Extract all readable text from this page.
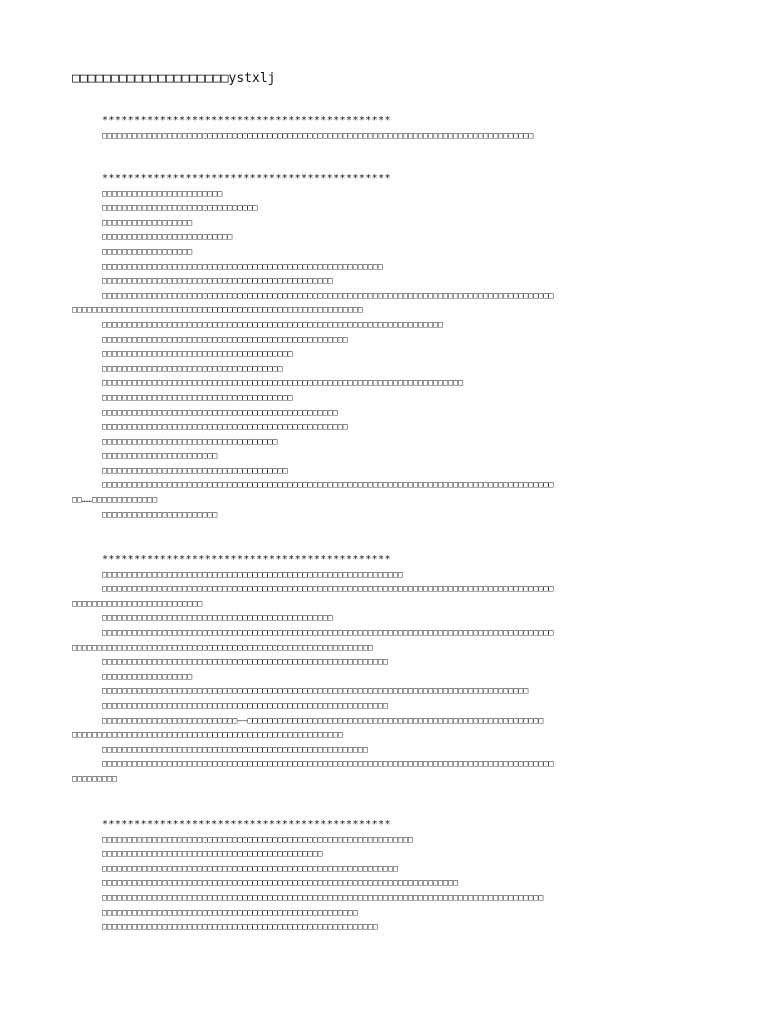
□□□□□□□□□□□□□□□□□□□□ystxlj
*********************************************
□□□□□□□□□□□□□□□□□□□□□□□□□□□□□□□□□□□□□□□□□□□□□□□□□□□□□□□□□□□□□□□□□□□□□□□□□□□□□□□□□□□□□□
*********************************************
□□□□□□□□□□□□□□□□□□□□□□□□
□□□□□□□□□□□□□□□□□□□□□□□□□□□□□□□
□□□□□□□□□□□□□□□□□□
□□□□□□□□□□□□□□□□□□□□□□□□□□
□□□□□□□□□□□□□□□□□□
□□□□□□□□□□□□□□□□□□□□□□□□□□□□□□□□□□□□□□□□□□□□□□□□□□□□□□□□
□□□□□□□□□□□□□□□□□□□□□□□□□□□□□□□□□□□□□□□□□□□□□□
□□□□□□□□□□□□□□□□□□□□□□□□□□□□□□□□□□□□□□□□□□□□□□□□□□□□□□□□□□□□□□□□□□□□□□□□□□□□□□□□□□□□□□□□□□
□□□□□□□□□□□□□□□□□□□□□□□□□□□□□□□□□□□□□□□□□□□□□□□□□□□□□□□□□□
□□□□□□□□□□□□□□□□□□□□□□□□□□□□□□□□□□□□□□□□□□□□□□□□□□□□□□□□□□□□□□□□□□□□
□□□□□□□□□□□□□□□□□□□□□□□□□□□□□□□□□□□□□□□□□□□□□□□□□
□□□□□□□□□□□□□□□□□□□□□□□□□□□□□□□□□□□□□□
□□□□□□□□□□□□□□□□□□□□□□□□□□□□□□□□□□□□
□□□□□□□□□□□□□□□□□□□□□□□□□□□□□□□□□□□□□□□□□□□□□□□□□□□□□□□□□□□□□□□□□□□□□□□□
□□□□□□□□□□□□□□□□□□□□□□□□□□□□□□□□□□□□□□
□□□□□□□□□□□□□□□□□□□□□□□□□□□□□□□□□□□□□□□□□□□□□□□
□□□□□□□□□□□□□□□□□□□□□□□□□□□□□□□□□□□□□□□□□□□□□□□□□
□□□□□□□□□□□□□□□□□□□□□□□□□□□□□□□□□□□
□□□□□□□□□□□□□□□□□□□□□□□
□□□□□□□□□□□□□□□□□□□□□□□□□□□□□□□□□□□□□
□□□□□□□□□□□□□□□□□□□□□□□□□□□□□□□□□□□□□□□□□□□□□□□□□□□□□□□□□□□□□□□□□□□□□□□□□□□□□□□□□□□□□□□□□□
□□……□□□□□□□□□□□□□
□□□□□□□□□□□□□□□□□□□□□□□
*********************************************
□□□□□□□□□□□□□□□□□□□□□□□□□□□□□□□□□□□□□□□□□□□□□□□□□□□□□□□□□□□□
□□□□□□□□□□□□□□□□□□□□□□□□□□□□□□□□□□□□□□□□□□□□□□□□□□□□□□□□□□□□□□□□□□□□□□□□□□□□□□□□□□□□□□□□□□
□□□□□□□□□□□□□□□□□□□□□□□□□□
□□□□□□□□□□□□□□□□□□□□□□□□□□□□□□□□□□□□□□□□□□□□□□
□□□□□□□□□□□□□□□□□□□□□□□□□□□□□□□□□□□□□□□□□□□□□□□□□□□□□□□□□□□□□□□□□□□□□□□□□□□□□□□□□□□□□□□□□□
□□□□□□□□□□□□□□□□□□□□□□□□□□□□□□□□□□□□□□□□□□□□□□□□□□□□□□□□□□□□
□□□□□□□□□□□□□□□□□□□□□□□□□□□□□□□□□□□□□□□□□□□□□□□□□□□□□□□□□
□□□□□□□□□□□□□□□□□□
□□□□□□□□□□□□□□□□□□□□□□□□□□□□□□□□□□□□□□□□□□□□□□□□□□□□□□□□□□□□□□□□□□□□□□□□□□□□□□□□□□□□□
□□□□□□□□□□□□□□□□□□□□□□□□□□□□□□□□□□□□□□□□□□□□□□□□□□□□□□□□□
□□□□□□□□□□□□□□□□□□□□□□□□□□□——□□□□□□□□□□□□□□□□□□□□□□□□□□□□□□□□□□□□□□□□□□□□□□□□□□□□□□□□□□□
□□□□□□□□□□□□□□□□□□□□□□□□□□□□□□□□□□□□□□□□□□□□□□□□□□□□□□
□□□□□□□□□□□□□□□□□□□□□□□□□□□□□□□□□□□□□□□□□□□□□□□□□□□□□
□□□□□□□□□□□□□□□□□□□□□□□□□□□□□□□□□□□□□□□□□□□□□□□□□□□□□□□□□□□□□□□□□□□□□□□□□□□□□□□□□□□□□□□□□□
□□□□□□□□□
*********************************************
□□□□□□□□□□□□□□□□□□□□□□□□□□□□□□□□□□□□□□□□□□□□□□□□□□□□□□□□□□□□□□
□□□□□□□□□□□□□□□□□□□□□□□□□□□□□□□□□□□□□□□□□□□□
□□□□□□□□□□□□□□□□□□□□□□□□□□□□□□□□□□□□□□□□□□□□□□□□□□□□□□□□□□□
□□□□□□□□□□□□□□□□□□□□□□□□□□□□□□□□□□□□□□□□□□□□□□□□□□□□□□□□□□□□□□□□□□□□□□□
□□□□□□□□□□□□□□□□□□□□□□□□□□□□□□□□□□□□□□□□□□□□□□□□□□□□□□□□□□□□□□□□□□□□□□□□□□□□□□□□□□□□□□□□
□□□□□□□□□□□□□□□□□□□□□□□□□□□□□□□□□□□□□□□□□□□□□□□□□□□
□□□□□□□□□□□□□□□□□□□□□□□□□□□□□□□□□□□□□□□□□□□□□□□□□□□□□□□
